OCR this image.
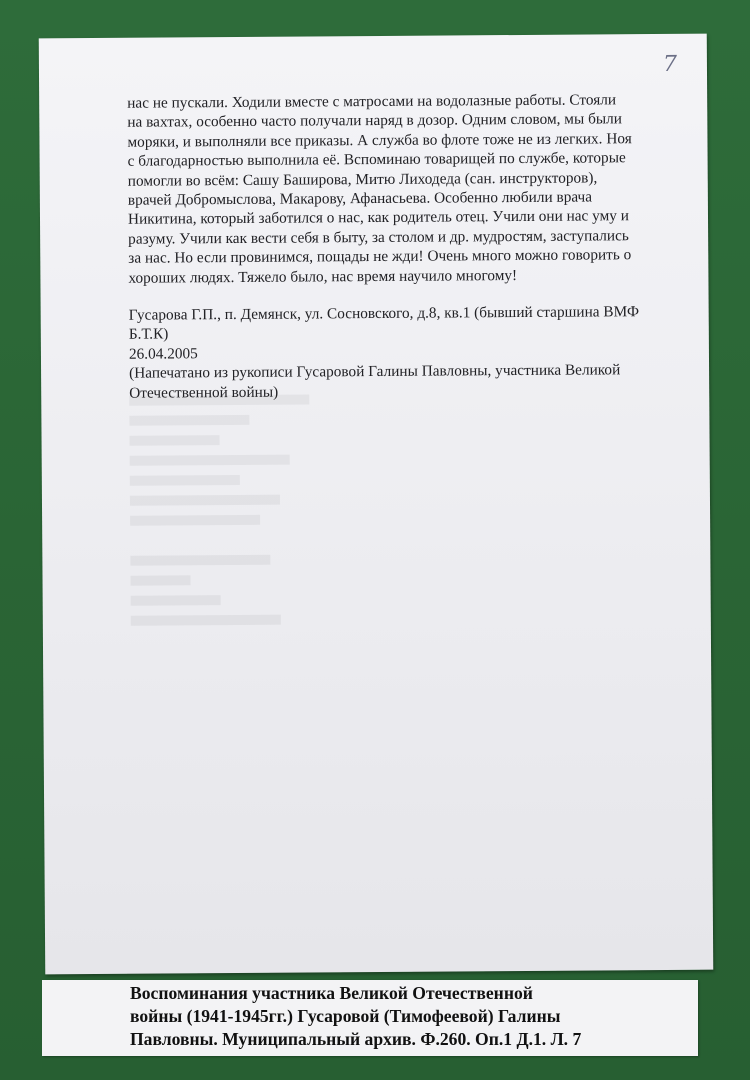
7
нас не пускали. Ходили вместе с матросами на водолазные работы. Стояли
на вахтах, особенно часто получали наряд в дозор. Одним словом, мы были
моряки, и выполняли все приказы. А служба во флоте тоже не из легких. Ноя
с благодарностью выполнила её. Вспоминаю товарищей по службе, которые
помогли во всём: Сашу Баширова, Митю Лиходеда (сан. инструкторов),
врачей Добромыслова, Макарову, Афанасьева. Особенно любили врача
Никитина, который заботился о нас, как родитель отец. Учили они нас уму и
разуму. Учили как вести себя в быту, за столом и др. мудростям, заступались
за нас. Но если провинимся, пощады не жди! Очень много можно говорить о
хороших людях. Тяжело было, нас время научило многому!

Гусарова Г.П., п. Демянск, ул. Сосновского, д.8, кв.1 (бывший старшина ВМФ

Б.Т.К)

26.04.2005

(Напечатано из рукописи Гусаровой Галины Павловны, участника Великой

Отечественной войны)

Воспоминания участника Великой Отечественной
войны (1941-1945гг.) Гусаровой (Тимофеевой) Галины
Павловны. Муниципальный архив. Ф.260. Оп.1 Д.1. Л. 7
